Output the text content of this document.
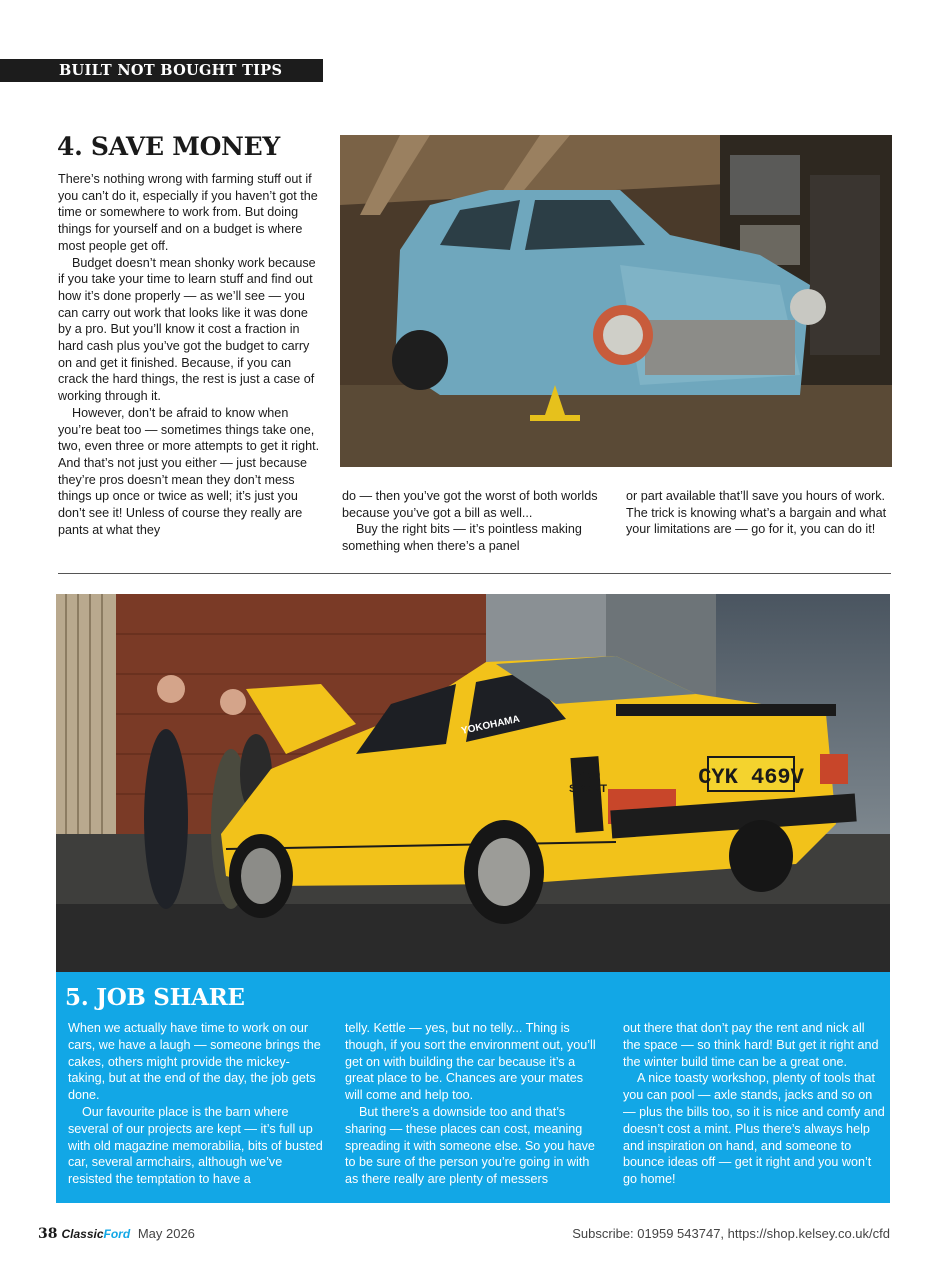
BUILT NOT BOUGHT TIPS
4. SAVE MONEY

There’s nothing wrong with farming stuff out if you can’t do it, especially if you haven’t got the time or somewhere to work from. But doing things for yourself and on a budget is where most people get off.

Budget doesn’t mean shonky work because if you take your time to learn stuff and find out how it’s done properly — as we’ll see — you can carry out work that looks like it was done by a pro. But you’ll know it cost a fraction in hard cash plus you’ve got the budget to carry on and get it finished. Because, if you can crack the hard things, the rest is just a case of working through it.

However, don’t be afraid to know when you’re beat too — sometimes things take one, two, even three or more attempts to get it right. And that’s not just you either — just because they’re pros doesn’t mean they don’t mess things up once or twice as well; it’s just you don’t see it! Unless of course they really are pants at what they

do — then you’ve got the worst of both worlds because you’ve got a bill as well...

Buy the right bits — it’s pointless making something when there’s a panel

or part available that’ll save you hours of work. The trick is knowing what’s a bargain and what your limitations are — go for it, you can do it!

CYK 469V
2100
SPORT
YOKOHAMA
5. JOB SHARE

When we actually have time to work on our cars, we have a laugh — someone brings the cakes, others might provide the mickey-taking, but at the end of the day, the job gets done.

Our favourite place is the barn where several of our projects are kept — it’s full up with old magazine memorabilia, bits of busted car, several armchairs, although we’ve resisted the temptation to have a

telly. Kettle — yes, but no telly... Thing is though, if you sort the environment out, you’ll get on with building the car because it’s a great place to be. Chances are your mates will come and help too.

But there’s a downside too and that’s sharing — these places can cost, meaning spreading it with someone else. So you have to be sure of the person you’re going in with as there really are plenty of messers

out there that don’t pay the rent and nick all the space — so think hard! But get it right and the winter build time can be a great one.

A nice toasty workshop, plenty of tools that you can pool — axle stands, jacks and so on — plus the bills too, so it is nice and comfy and doesn’t cost a mint. Plus there’s always help and inspiration on hand, and someone to bounce ideas off — get it right and you won’t go home!

38 ClassicFord May 2026	Subscribe: 01959 543747, https://shop.kelsey.co.uk/cfd
